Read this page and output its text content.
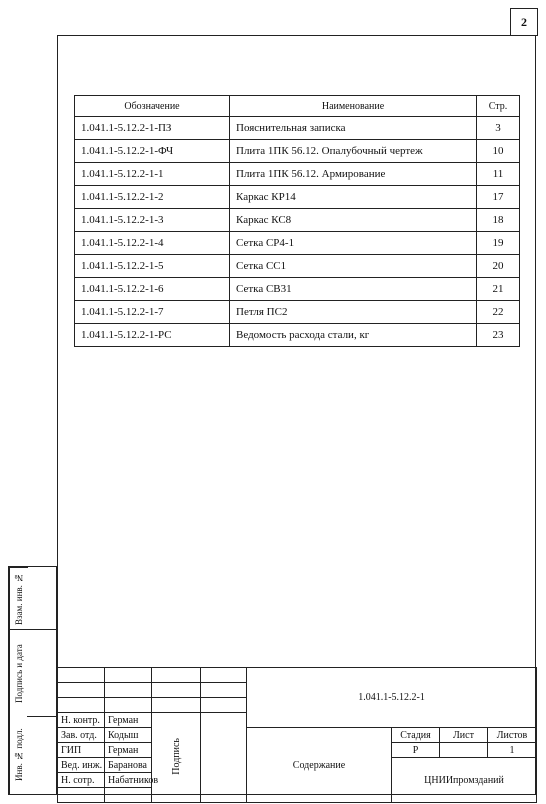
2
Обозначение	Наименование	Стр.
1.041.1-5.12.2-1-ПЗ	Пояснительная записка	3
1.041.1-5.12.2-1-ФЧ	Плита 1ПК 56.12. Опалубочный чертеж	10
1.041.1-5.12.2-1-1	Плита 1ПК 56.12. Армирование	11
1.041.1-5.12.2-1-2	Каркас КР14	17
1.041.1-5.12.2-1-3	Каркас КС8	18
1.041.1-5.12.2-1-4	Сетка СР4-1	19
1.041.1-5.12.2-1-5	Сетка СС1	20
1.041.1-5.12.2-1-6	Сетка СВ31	21
1.041.1-5.12.2-1-7	Петля ПС2	22
1.041.1-5.12.2-1-РС	Ведомость расхода стали, кг	23
Взам. инв. №
Подпись и дата
Инв. № подл.
				1.041.1-5.12.2-1			

Н. контр.	Герман	Подпись					
Зав. отд.	Кодыш			Содержание	Стадия	Лист	Листов
ГИП	Герман				Р		1
Вед. инж.	Баранова				ЦНИИпромзданий		
Н. сотр.	Набатников						
